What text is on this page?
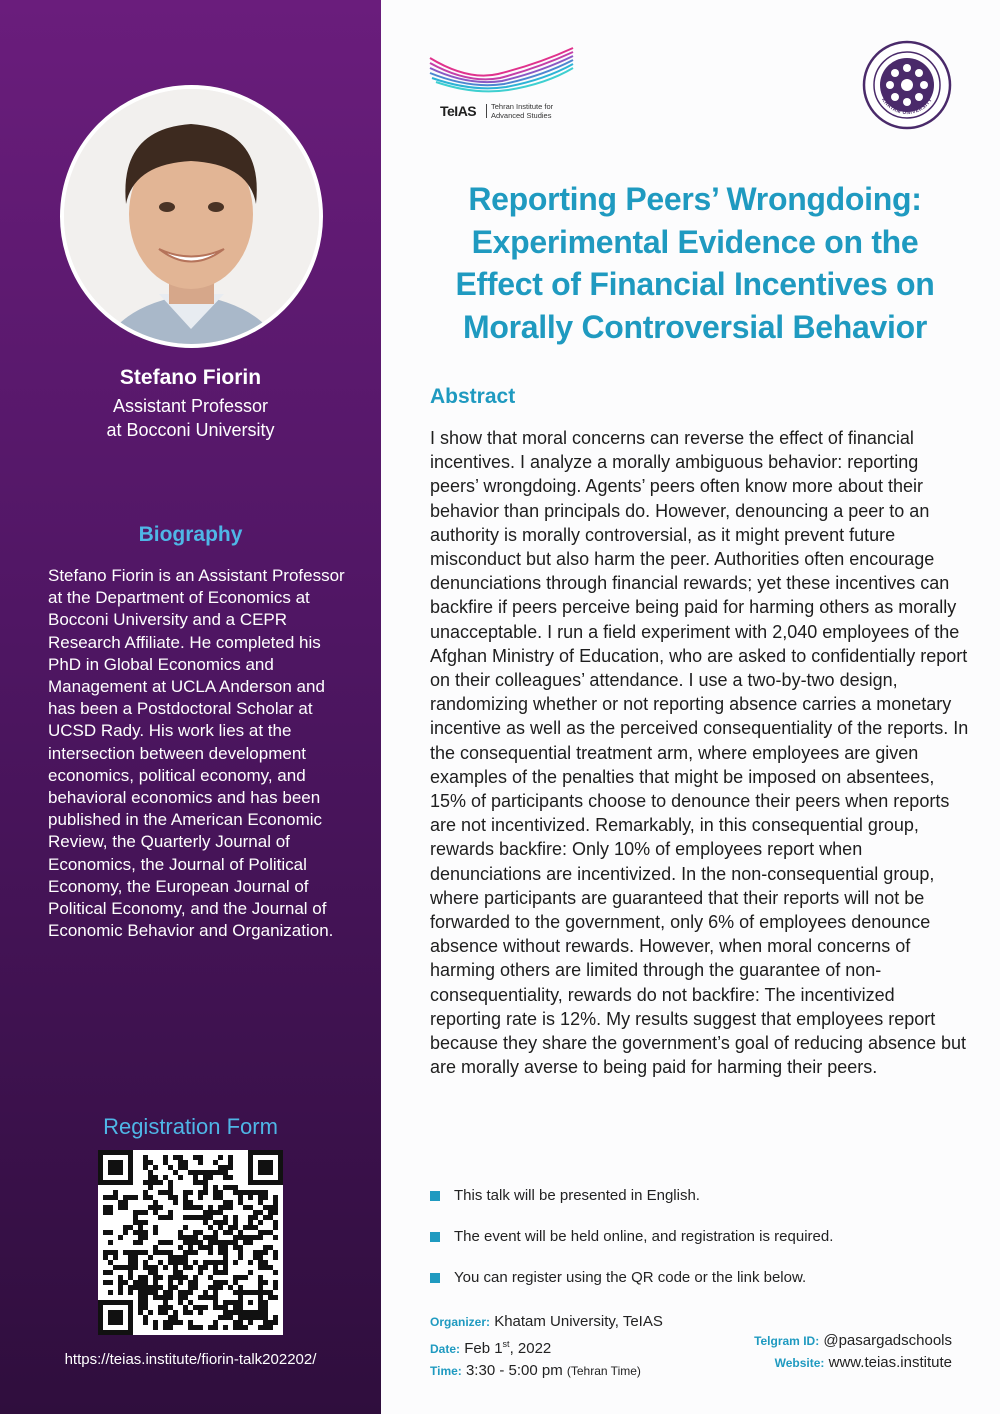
Stefano Fiorin
Assistant Professor
at Bocconi University
Biography
Stefano Fiorin is an Assistant Professor at the Department of Economics at Bocconi University and a CEPR Research Affiliate. He completed his PhD in Global Economics and Management at UCLA Anderson and has been a Postdoctoral Scholar at UCSD Rady. His work lies at the intersection between development economics, political economy, and behavioral economics and has been published in the American Economic Review, the Quarterly Journal of Economics, the Journal of Political Economy, the European Journal of Political Economy, and the Journal of Economic Behavior and Organization.
Registration Form
https://teias.institute/fiorin-talk202202/
TeIAS Tehran Institute for
Advanced Studies
KHATAM UNIVERSITY
Reporting Peers’ Wrongdoing:
Experimental Evidence on the
Effect of Financial Incentives on
Morally Controversial Behavior
Abstract
I show that moral concerns can reverse the effect of financial incentives. I analyze a morally ambiguous behavior: reporting peers’ wrongdoing. Agents’ peers often know more about their behavior than principals do. However, denouncing a peer to an authority is morally controversial, as it might prevent future misconduct but also harm the peer. Authorities often encourage denunciations through financial rewards; yet these incentives can backfire if peers perceive being paid for harming others as morally unacceptable. I run a field experiment with 2,040 employees of the Afghan Ministry of Education, who are asked to confidentially report on their colleagues’ attendance. I use a two-by-two design, randomizing whether or not reporting absence carries a monetary incentive as well as the perceived consequentiality of the reports. In the consequential treatment arm, where employees are given examples of the penalties that might be imposed on absentees, 15% of participants choose to denounce their peers when reports are not incentivized. Remarkably, in this consequential group, rewards backfire: Only 10% of employees report when denunciations are incentivized. In the non-consequential group, where participants are guaranteed that their reports will not be forwarded to the government, only 6% of employees denounce absence without rewards. However, when moral concerns of harming others are limited through the guarantee of non-consequentiality, rewards do not backfire: The incentivized reporting rate is 12%. My results suggest that employees report because they share the government’s goal of reducing absence but are morally averse to being paid for harming their peers.
This talk will be presented in English.
The event will be held online, and registration is required.
You can register using the QR code or the link below.
Organizer: Khatam University, TeIAS
Date: Feb 1st, 2022
Time: 3:30 - 5:00 pm (Tehran Time)
Telgram ID: @pasargadschools
Website: www.teias.institute
